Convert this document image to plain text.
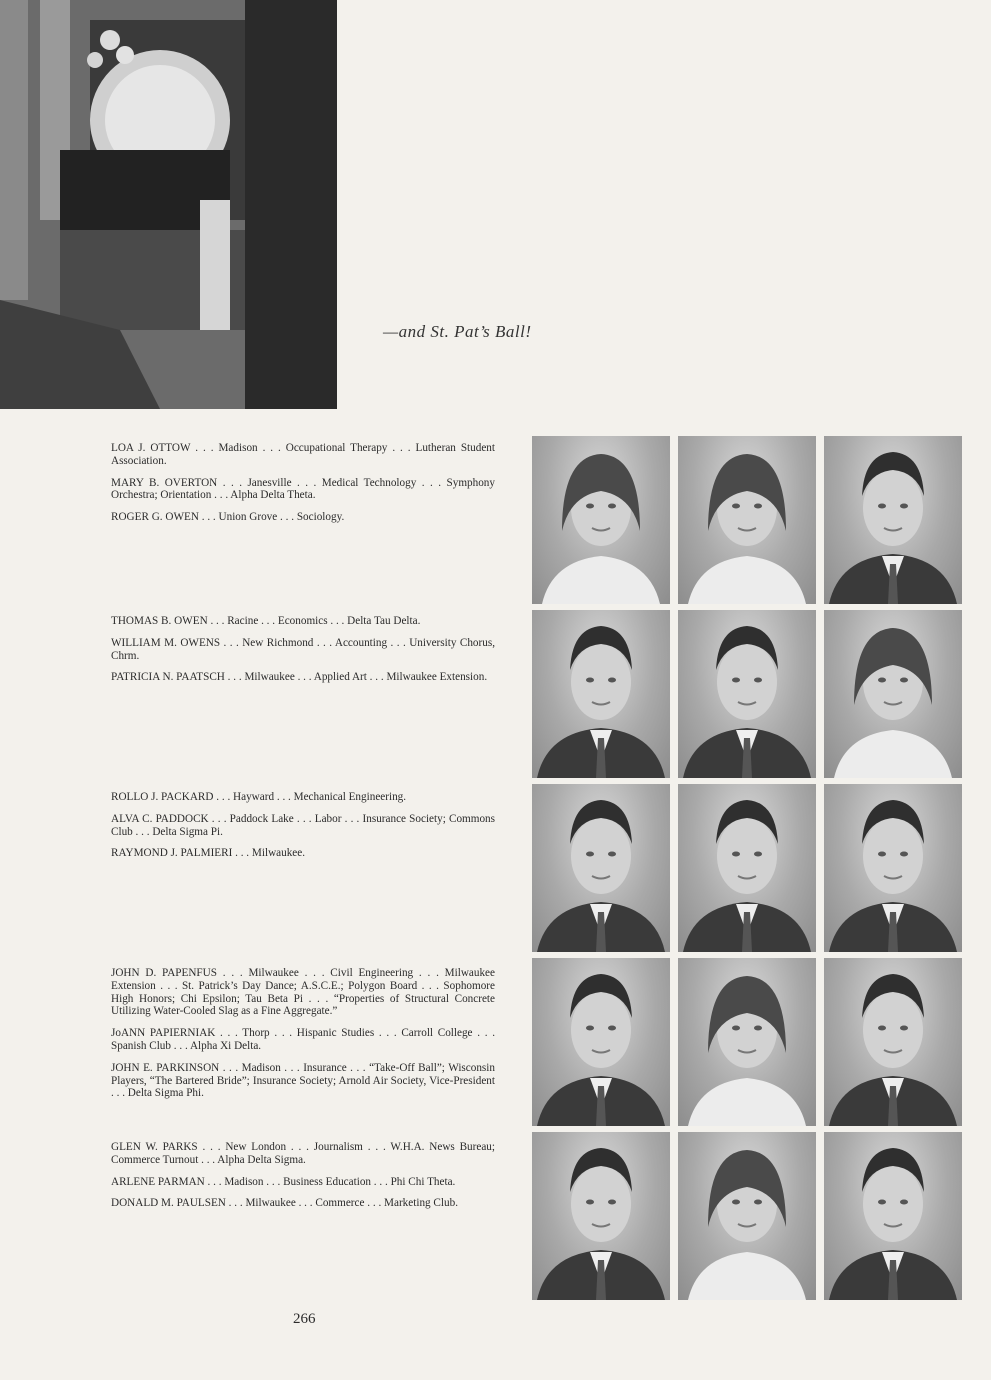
—and St. Pat’s Ball!

LOA J. OTTOW . . . Madison . . . Occupational Therapy . . . Lutheran Student Association.

MARY B. OVERTON . . . Janesville . . . Medical Technology . . . Symphony Orchestra; Orientation . . . Alpha Delta Theta.

ROGER G. OWEN . . . Union Grove . . . Sociology.

THOMAS B. OWEN . . . Racine . . . Economics . . . Delta Tau Delta.

WILLIAM M. OWENS . . . New Richmond . . . Accounting . . . University Chorus, Chrm.

PATRICIA N. PAATSCH . . . Milwaukee . . . Applied Art . . . Milwaukee Extension.

ROLLO J. PACKARD . . . Hayward . . . Mechanical Engineering.

ALVA C. PADDOCK . . . Paddock Lake . . . Labor . . . Insurance Society; Commons Club . . . Delta Sigma Pi.

RAYMOND J. PALMIERI . . . Milwaukee.

JOHN D. PAPENFUS . . . Milwaukee . . . Civil Engineering . . . Milwaukee Extension . . . St. Patrick’s Day Dance; A.S.C.E.; Polygon Board . . . Sophomore High Honors; Chi Epsilon; Tau Beta Pi . . . “Properties of Structural Concrete Utilizing Water-Cooled Slag as a Fine Aggregate.”

JoANN PAPIERNIAK . . . Thorp . . . Hispanic Studies . . . Carroll College . . . Spanish Club . . . Alpha Xi Delta.

JOHN E. PARKINSON . . . Madison . . . Insurance . . . “Take-Off Ball”; Wisconsin Players, “The Bartered Bride”; Insurance Society; Arnold Air Society, Vice-President . . . Delta Sigma Phi.

GLEN W. PARKS . . . New London . . . Journalism . . . W.H.A. News Bureau; Commerce Turnout . . . Alpha Delta Sigma.

ARLENE PARMAN . . . Madison . . . Business Education . . . Phi Chi Theta.

DONALD M. PAULSEN . . . Milwaukee . . . Commerce . . . Marketing Club.

266
